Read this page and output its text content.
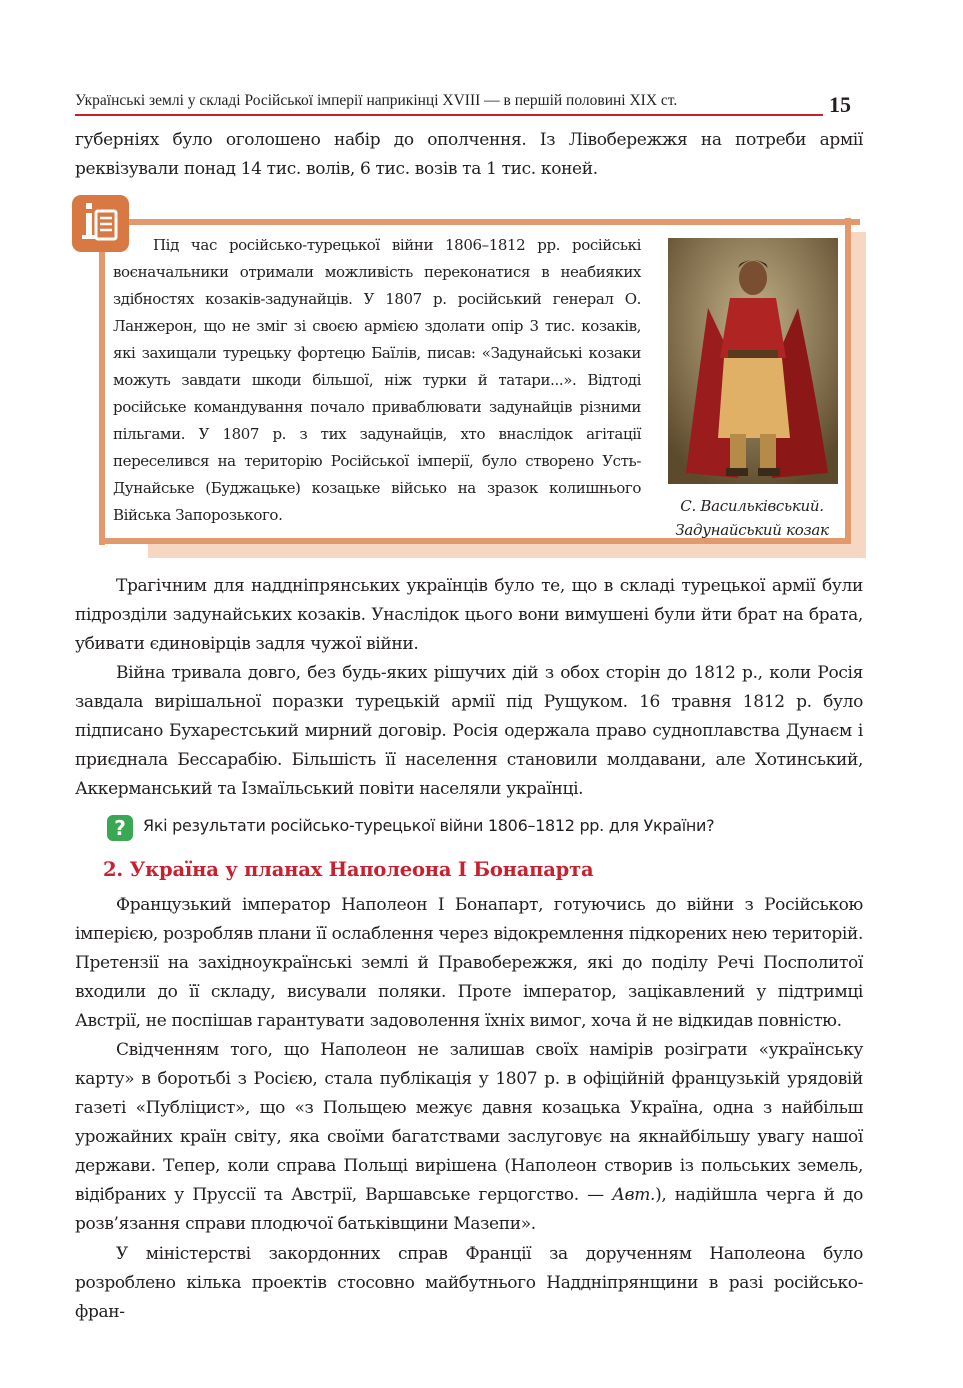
Українські землі у складі Російської імперії наприкінці XVIII — в першій половині XIX ст.	15

губерніях було оголошено набір до ополчення. Із Лівобережжя на потреби армії реквізували понад 14 тис. волів, 6 тис. возів та 1 тис. коней.

Під час російсько-турецької війни 1806–1812 рр. російські воєначальники отримали можливість переконатися в неабияких здібностях козаків-задунайців. У 1807 р. російський генерал О. Ланжерон, що не зміг зі своєю армією здолати опір 3 тис. козаків, які захищали турецьку фортецю Баїлів, писав: «Задунайські козаки можуть завдати шкоди більшої, ніж турки й татари...». Відтоді російське командування почало приваблювати задунайців різними пільгами. У 1807 р. з тих задунайців, хто внаслідок агітації переселився на територію Російської імперії, було створено Усть-Дунайське (Буджацьке) козацьке військо на зразок колишнього Війська Запорозького.	С. Васильківський.
Задунайський козак

Трагічним для наддніпрянських українців було те, що в складі турецької армії були підрозділи задунайських козаків. Унаслідок цього вони вимушені були йти брат на брата, убивати єдиновірців задля чужої війни.

Війна тривала довго, без будь-яких рішучих дій з обох сторін до 1812 р., коли Росія завдала вирішальної поразки турецькій армії під Рущуком. 16 травня 1812 р. було підписано Бухарестський мирний договір. Росія одержала право судноплавства Дунаєм і приєднала Бессарабію. Більшість її населення становили молдавани, але Хотинський, Аккерманський та Ізмаїльський повіти населяли українці.

?	Які результати російсько-турецької війни 1806–1812 рр. для України?
2. Україна у планах Наполеона І Бонапарта

Французький імператор Наполеон І Бонапарт, готуючись до війни з Російською імперією, розробляв плани її ослаблення через відокремлення підкорених нею територій. Претензії на західноукраїнські землі й Правобережжя, які до поділу Речі Посполитої входили до її складу, висували поляки. Проте імператор, зацікавлений у підтримці Австрії, не поспішав гарантувати задоволення їхніх вимог, хоча й не відкидав повністю.

Свідченням того, що Наполеон не залишав своїх намірів розіграти «українську карту» в боротьбі з Росією, стала публікація у 1807 р. в офіційній французькій урядовій газеті «Публіцист», що «з Польщею межує давня козацька Україна, одна з найбільш урожайних країн світу, яка своїми багатствами заслуговує на якнайбільшу увагу нашої держави. Тепер, коли справа Польщі вирішена (Наполеон створив із польських земель, відібраних у Пруссії та Австрії, Варшавське герцогство. — Авт.), надійшла черга й до розв’язання справи плодючої батьківщини Мазепи».

У міністерстві закордонних справ Франції за дорученням Наполеона було розроблено кілька проектів стосовно майбутнього Наддніпрянщини в разі російсько-фран-
